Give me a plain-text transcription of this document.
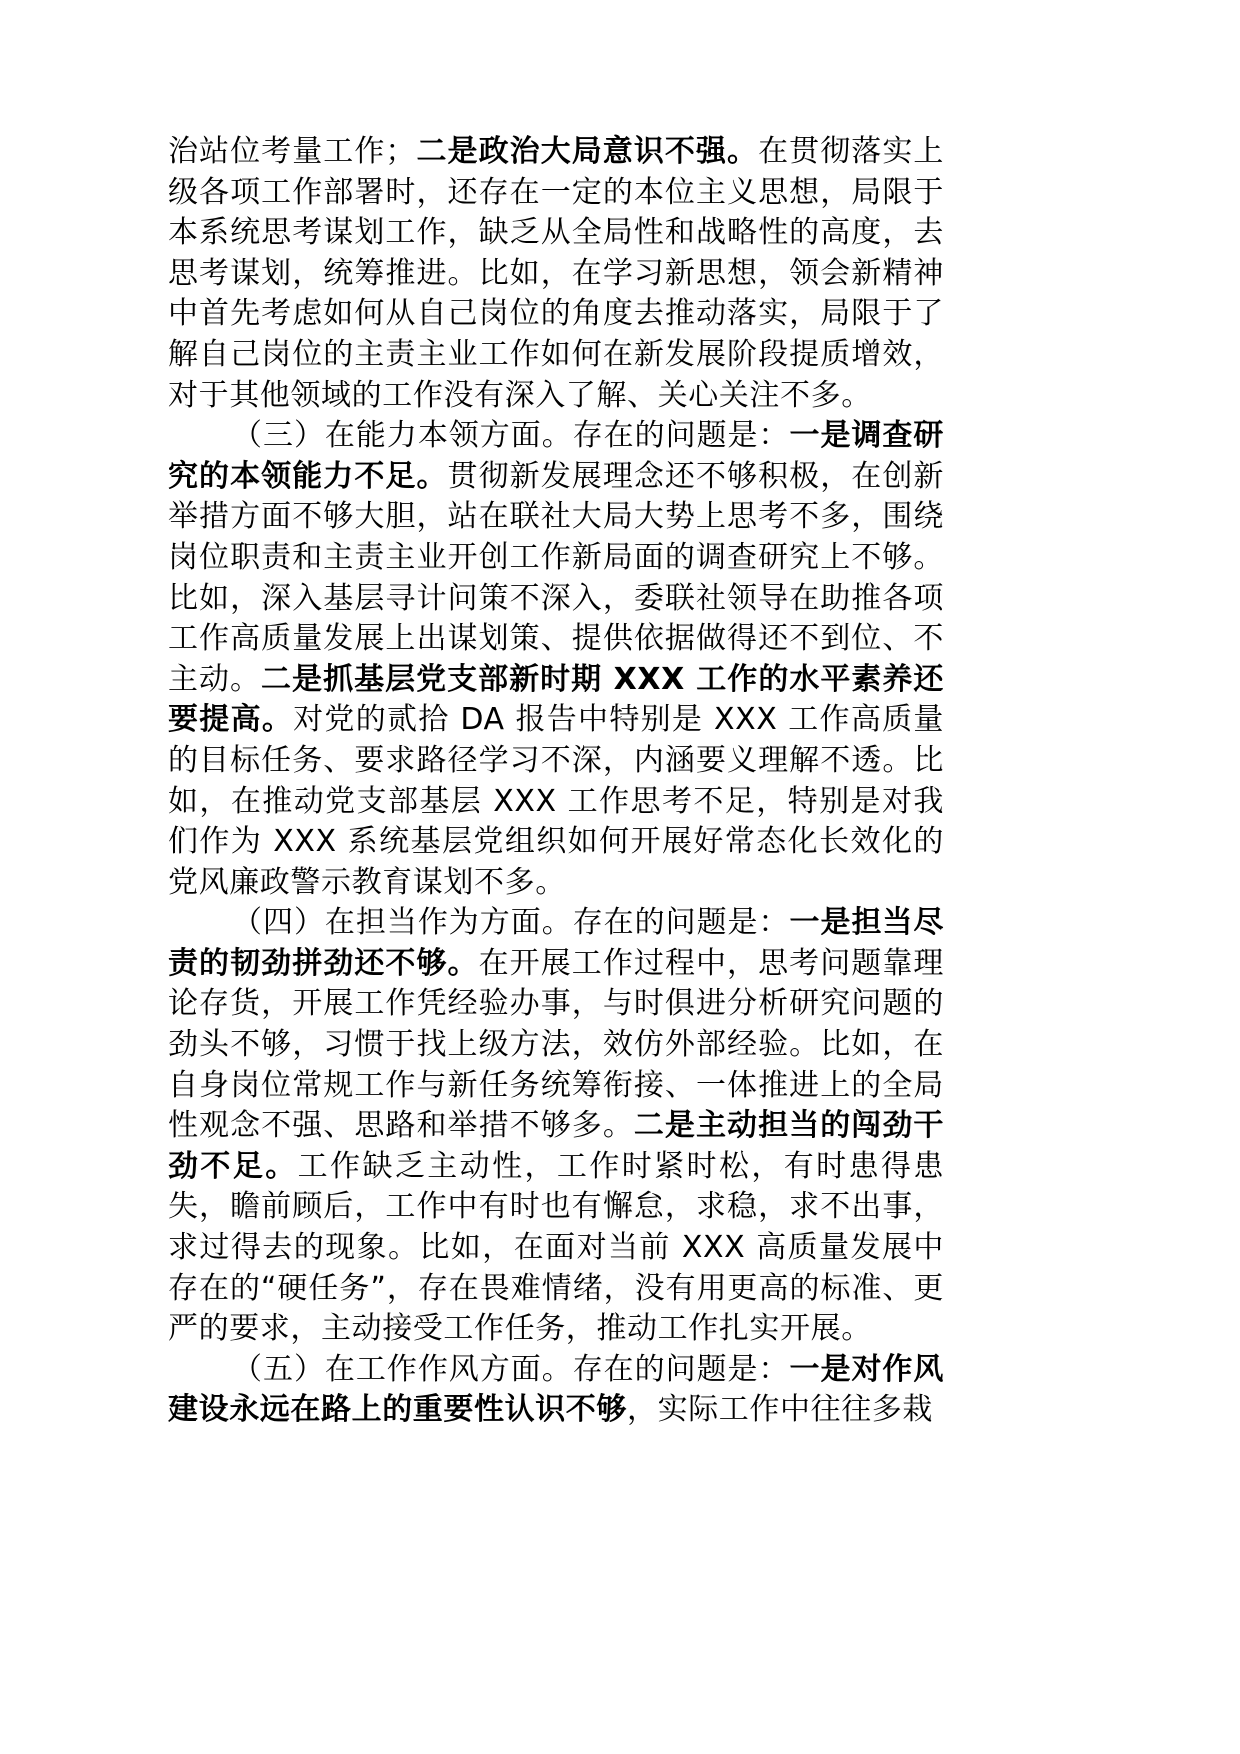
治站位考量工作；二是政治大局意识不强。在贯彻落实上级各项工作部署时，还存在一定的本位主义思想，局限于本系统思考谋划工作，缺乏从全局性和战略性的高度，去思考谋划，统筹推进。比如，在学习新思想，领会新精神中首先考虑如何从自己岗位的角度去推动落实，局限于了解自己岗位的主责主业工作如何在新发展阶段提质增效，对于其他领域的工作没有深入了解、关心关注不多。

（三）在能力本领方面。存在的问题是：一是调查研究的本领能力不足。贯彻新发展理念还不够积极，在创新举措方面不够大胆，站在联社大局大势上思考不多，围绕岗位职责和主责主业开创工作新局面的调查研究上不够。比如，深入基层寻计问策不深入，委联社领导在助推各项工作高质量发展上出谋划策、提供依据做得还不到位、不主动。二是抓基层党支部新时期 XXX 工作的水平素养还要提高。对党的贰拾 DA 报告中特别是 XXX 工作高质量的目标任务、要求路径学习不深，内涵要义理解不透。比如，在推动党支部基层 XXX 工作思考不足，特别是对我们作为 XXX 系统基层党组织如何开展好常态化长效化的党风廉政警示教育谋划不多。

（四）在担当作为方面。存在的问题是：一是担当尽责的韧劲拼劲还不够。在开展工作过程中，思考问题靠理论存货，开展工作凭经验办事，与时俱进分析研究问题的劲头不够，习惯于找上级方法，效仿外部经验。比如，在自身岗位常规工作与新任务统筹衔接、一体推进上的全局性观念不强、思路和举措不够多。二是主动担当的闯劲干劲不足。工作缺乏主动性，工作时紧时松，有时患得患失，瞻前顾后，工作中有时也有懈怠，求稳，求不出事，求过得去的现象。比如，在面对当前 XXX 高质量发展中存在的“硬任务”，存在畏难情绪，没有用更高的标准、更严的要求，主动接受工作任务，推动工作扎实开展。

（五）在工作作风方面。存在的问题是：一是对作风建设永远在路上的重要性认识不够，实际工作中往往多栽
